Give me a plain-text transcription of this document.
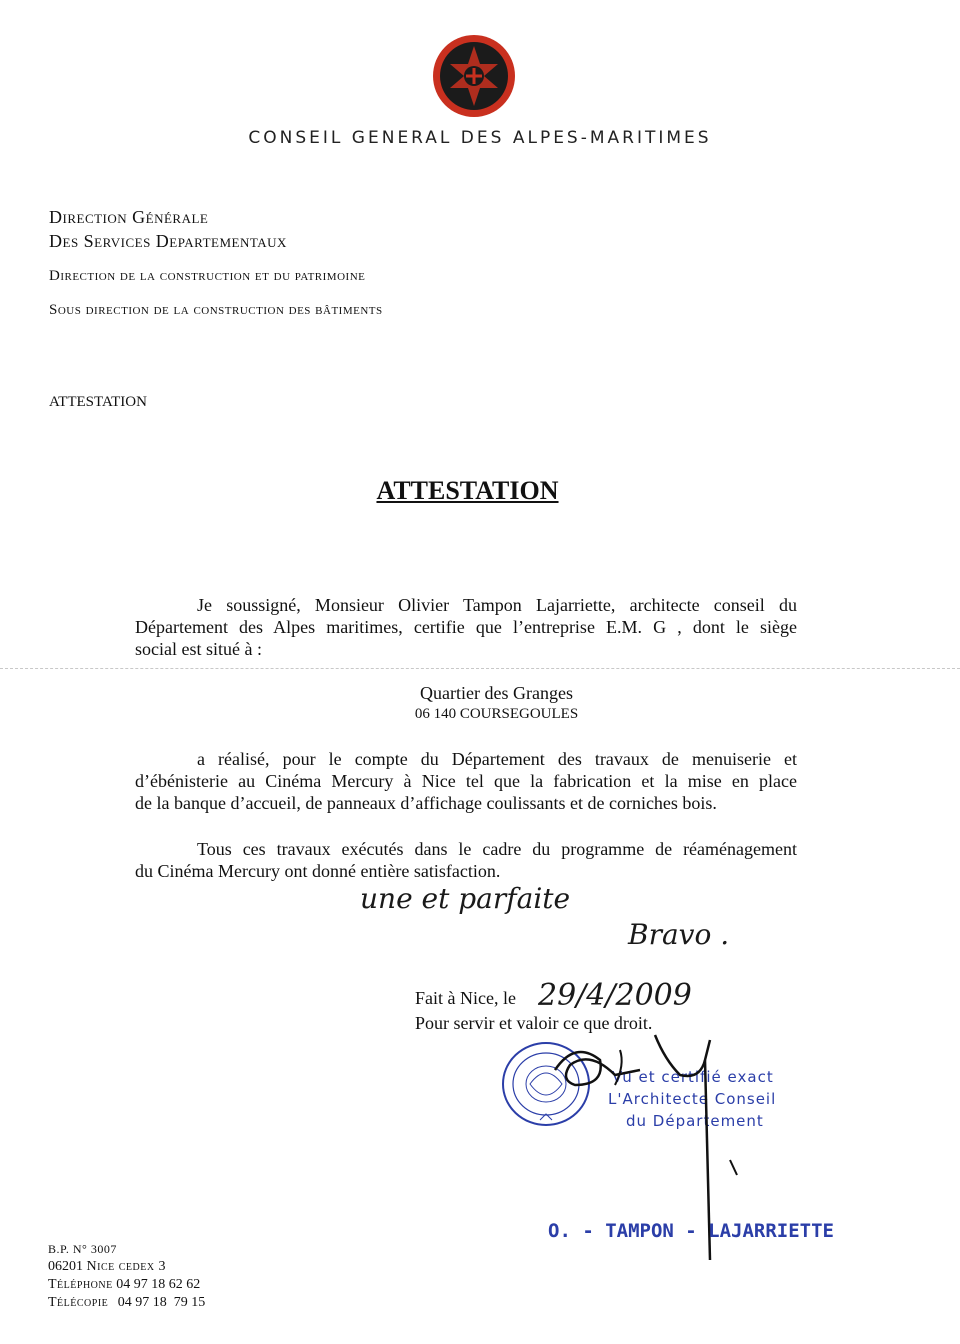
CONSEIL GENERAL DES ALPES-MARITIMES
Direction Générale
Des Services Departementaux
Direction de la construction et du patrimoine
Sous direction de la construction des bâtiments
ATTESTATION
ATTESTATION
Je soussigné, Monsieur Olivier Tampon Lajarriette, architecte conseil du
Département des Alpes maritimes, certifie que l’entreprise E.M. G , dont le siège
social est situé à :
Quartier des Granges
06 140 COURSEGOULES
a réalisé, pour le compte du Département des travaux de menuiserie et
d’ébénisterie au Cinéma Mercury à Nice tel que la fabrication et la mise en place
de la banque d’accueil, de panneaux d’affichage coulissants et de corniches bois.
Tous ces travaux exécutés dans le cadre du programme de réaménagement
du Cinéma Mercury ont donné entière satisfaction.
une et parfaite
Bravo .
Fait à Nice, le 29/4/2009
Pour servir et valoir ce que droit.
Vu et certifié exact
L'Architecte Conseil
du Département
O. - TAMPON - LAJARRIETTE
B.P. N° 3007
06201 Nice cedex 3
Téléphone 04 97 18 62 62
Télécopie 04 97 18  79 15
